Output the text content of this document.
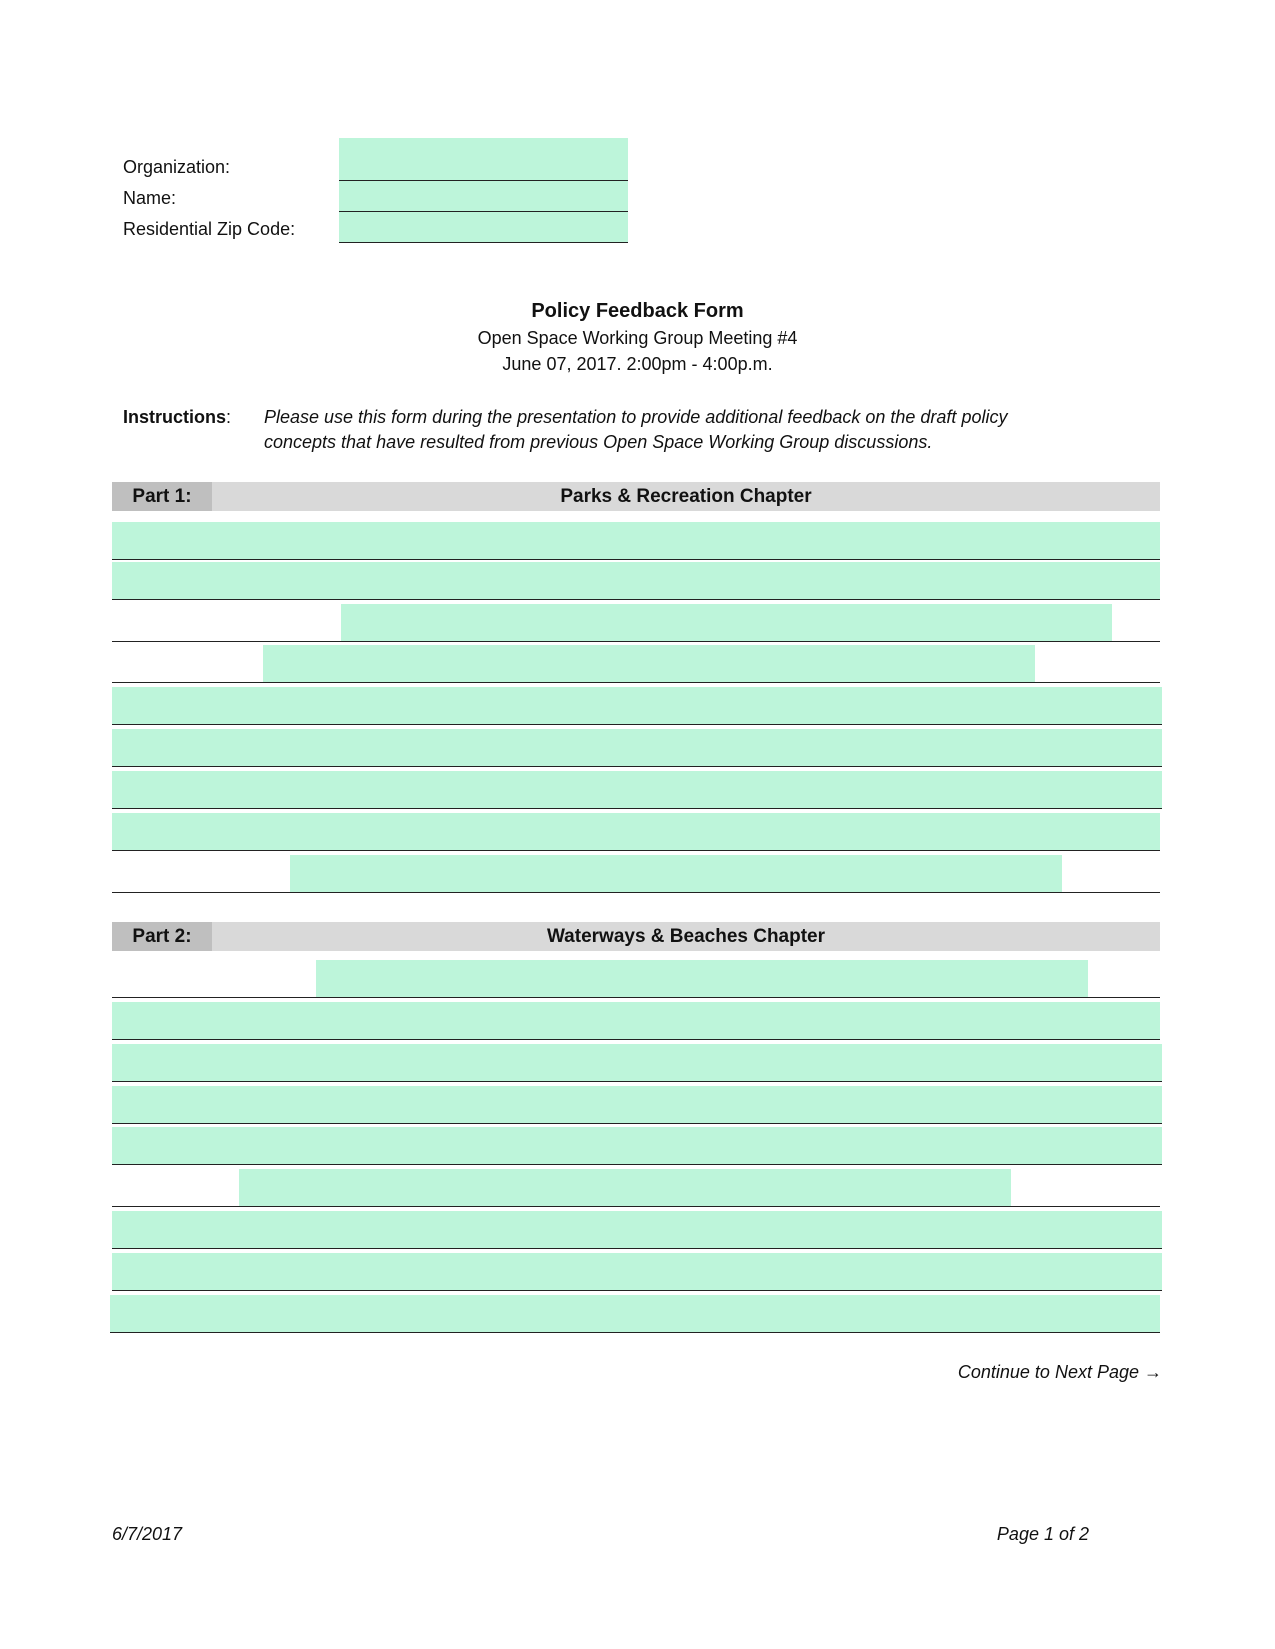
Organization:
Name:
Residential Zip Code:
Policy Feedback Form
Open Space Working Group Meeting #4
June 07, 2017. 2:00pm - 4:00p.m.
Instructions: Please use this form during the presentation to provide additional feedback on the draft policy
concepts that have resulted from previous Open Space Working Group discussions.
Part 1:	Parks & Recreation Chapter
Part 2:	Waterways & Beaches Chapter
Continue to Next Page →
6/7/2017	Page 1 of 2
